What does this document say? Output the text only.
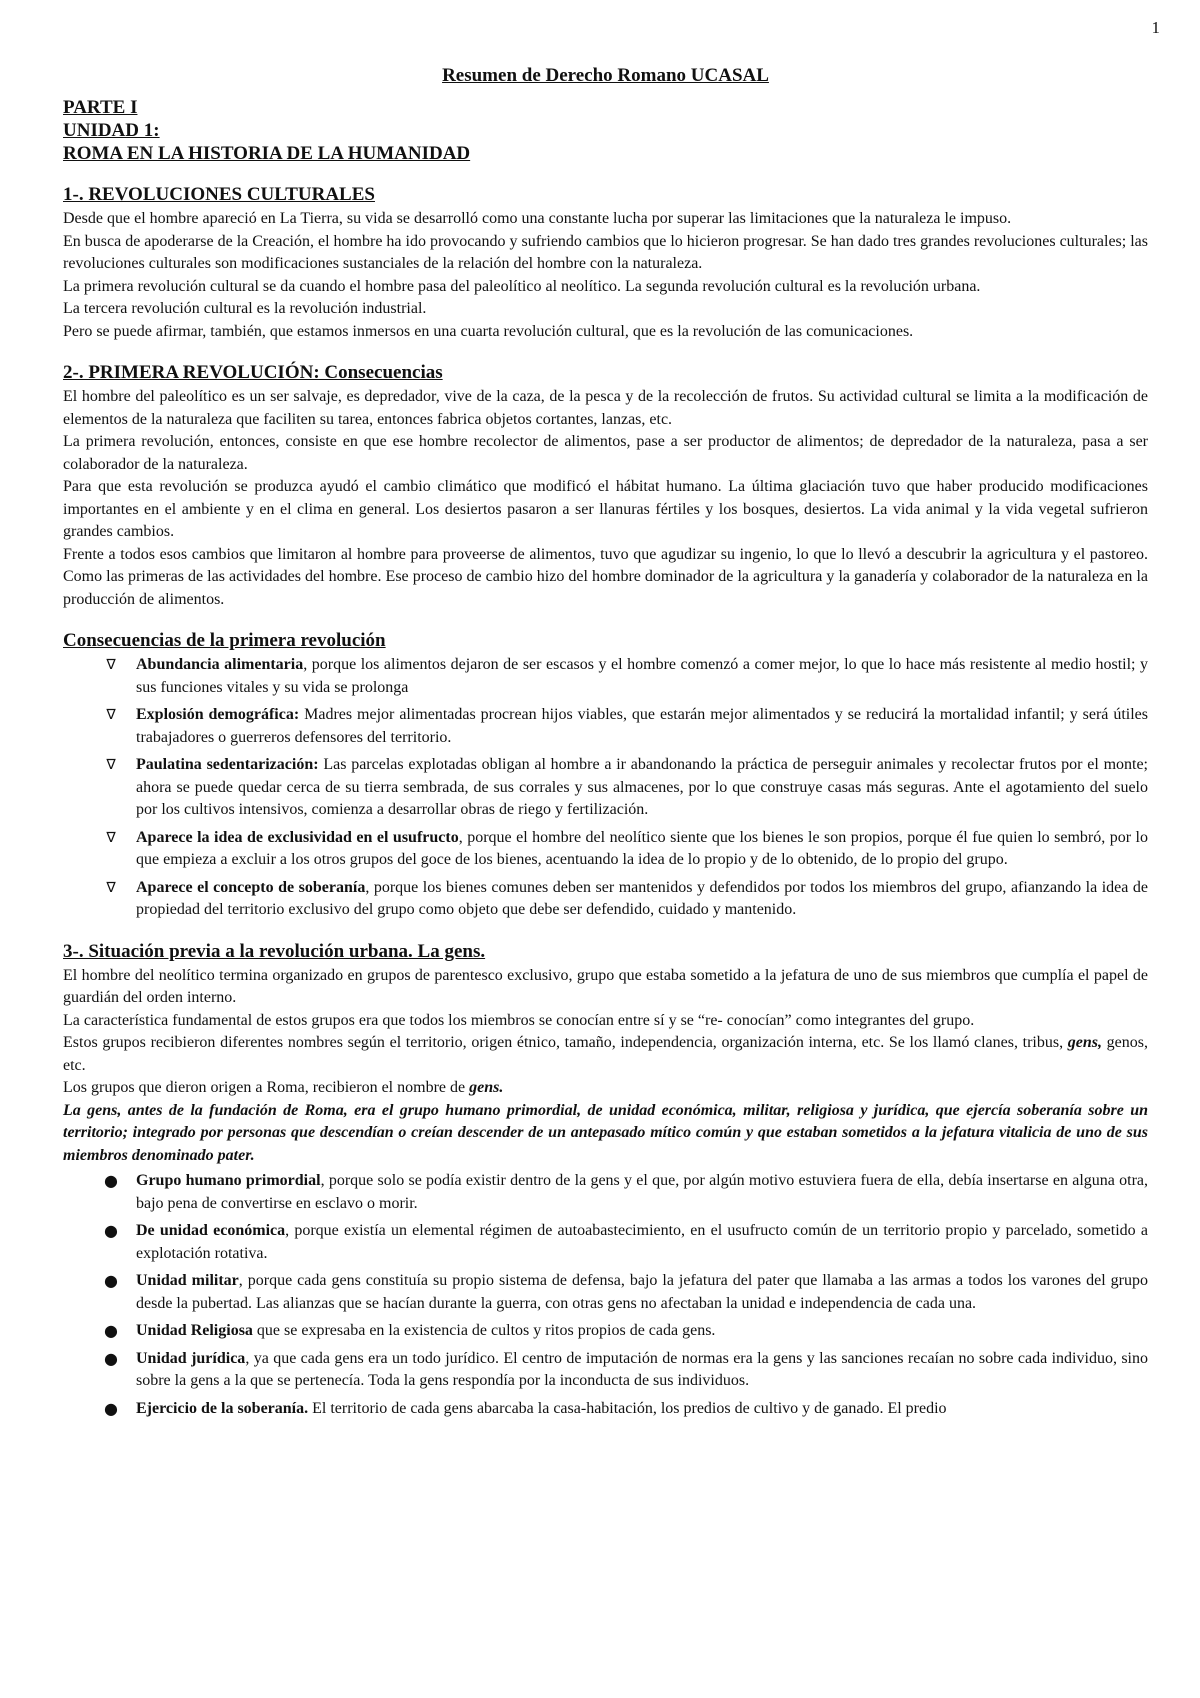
1
Resumen de Derecho Romano UCASAL
PARTE I
UNIDAD 1:
ROMA EN LA HISTORIA DE LA HUMANIDAD
1-. REVOLUCIONES CULTURALES

Desde que el hombre apareció en La Tierra, su vida se desarrolló como una constante lucha por superar las limitaciones que la naturaleza le impuso.

En busca de apoderarse de la Creación, el hombre ha ido provocando y sufriendo cambios que lo hicieron progresar. Se han dado tres grandes revoluciones culturales; las revoluciones culturales son modificaciones sustanciales de la relación del hombre con la naturaleza.

La primera revolución cultural se da cuando el hombre pasa del paleolítico al neolítico. La segunda revolución cultural es la revolución urbana.

La tercera revolución cultural es la revolución industrial.

Pero se puede afirmar, también, que estamos inmersos en una cuarta revolución cultural, que es la revolución de las comunicaciones.

2-. PRIMERA REVOLUCIÓN: Consecuencias

El hombre del paleolítico es un ser salvaje, es depredador, vive de la caza, de la pesca y de la recolección de frutos. Su actividad cultural se limita a la modificación de elementos de la naturaleza que faciliten su tarea, entonces fabrica objetos cortantes, lanzas, etc.

La primera revolución, entonces, consiste en que ese hombre recolector de alimentos, pase a ser productor de alimentos; de depredador de la naturaleza, pasa a ser colaborador de la naturaleza.

Para que esta revolución se produzca ayudó el cambio climático que modificó el hábitat humano. La última glaciación tuvo que haber producido modificaciones importantes en el ambiente y en el clima en general. Los desiertos pasaron a ser llanuras fértiles y los bosques, desiertos. La vida animal y la vida vegetal sufrieron grandes cambios.

Frente a todos esos cambios que limitaron al hombre para proveerse de alimentos, tuvo que agudizar su ingenio, lo que lo llevó a descubrir la agricultura y el pastoreo. Como las primeras de las actividades del hombre. Ese proceso de cambio hizo del hombre dominador de la agricultura y la ganadería y colaborador de la naturaleza en la producción de alimentos.

Consecuencias de la primera revolución
∇	Abundancia alimentaria, porque los alimentos dejaron de ser escasos y el hombre comenzó a comer mejor, lo que lo hace más resistente al medio hostil; y sus funciones vitales y su vida se prolonga
∇	Explosión demográfica: Madres mejor alimentadas procrean hijos viables, que estarán mejor alimentados y se reducirá la mortalidad infantil; y será útiles trabajadores o guerreros defensores del territorio.
∇	Paulatina sedentarización: Las parcelas explotadas obligan al hombre a ir abandonando la práctica de perseguir animales y recolectar frutos por el monte; ahora se puede quedar cerca de su tierra sembrada, de sus corrales y sus almacenes, por lo que construye casas más seguras. Ante el agotamiento del suelo por los cultivos intensivos, comienza a desarrollar obras de riego y fertilización.
∇	Aparece la idea de exclusividad en el usufructo, porque el hombre del neolítico siente que los bienes le son propios, porque él fue quien lo sembró, por lo que empieza a excluir a los otros grupos del goce de los bienes, acentuando la idea de lo propio y de lo obtenido, de lo propio del grupo.
∇	Aparece el concepto de soberanía, porque los bienes comunes deben ser mantenidos y defendidos por todos los miembros del grupo, afianzando la idea de propiedad del territorio exclusivo del grupo como objeto que debe ser defendido, cuidado y mantenido.
3-. Situación previa a la revolución urbana. La gens.

El hombre del neolítico termina organizado en grupos de parentesco exclusivo, grupo que estaba sometido a la jefatura de uno de sus miembros que cumplía el papel de guardián del orden interno.

La característica fundamental de estos grupos era que todos los miembros se conocían entre sí y se “re- conocían” como integrantes del grupo.

Estos grupos recibieron diferentes nombres según el territorio, origen étnico, tamaño, independencia, organización interna, etc. Se los llamó clanes, tribus, gens, genos, etc.

Los grupos que dieron origen a Roma, recibieron el nombre de gens.

La gens, antes de la fundación de Roma, era el grupo humano primordial, de unidad económica, militar, religiosa y jurídica, que ejercía soberanía sobre un territorio; integrado por personas que descendían o creían descender de un antepasado mítico común y que estaban sometidos a la jefatura vitalicia de uno de sus miembros denominado pater.

● Grupo humano primordial, porque solo se podía existir dentro de la gens y el que, por algún motivo estuviera fuera de ella, debía insertarse en alguna otra, bajo pena de convertirse en esclavo o morir.
● De unidad económica, porque existía un elemental régimen de autoabastecimiento, en el usufructo común de un territorio propio y parcelado, sometido a explotación rotativa.
● Unidad militar, porque cada gens constituía su propio sistema de defensa, bajo la jefatura del pater que llamaba a las armas a todos los varones del grupo desde la pubertad. Las alianzas que se hacían durante la guerra, con otras gens no afectaban la unidad e independencia de cada una.
● Unidad Religiosa que se expresaba en la existencia de cultos y ritos propios de cada gens.
● Unidad jurídica, ya que cada gens era un todo jurídico. El centro de imputación de normas era la gens y las sanciones recaían no sobre cada individuo, sino sobre la gens a la que se pertenecía. Toda la gens respondía por la inconducta de sus individuos.
● Ejercicio de la soberanía. El territorio de cada gens abarcaba la casa-habitación, los predios de cultivo y de ganado. El predio
